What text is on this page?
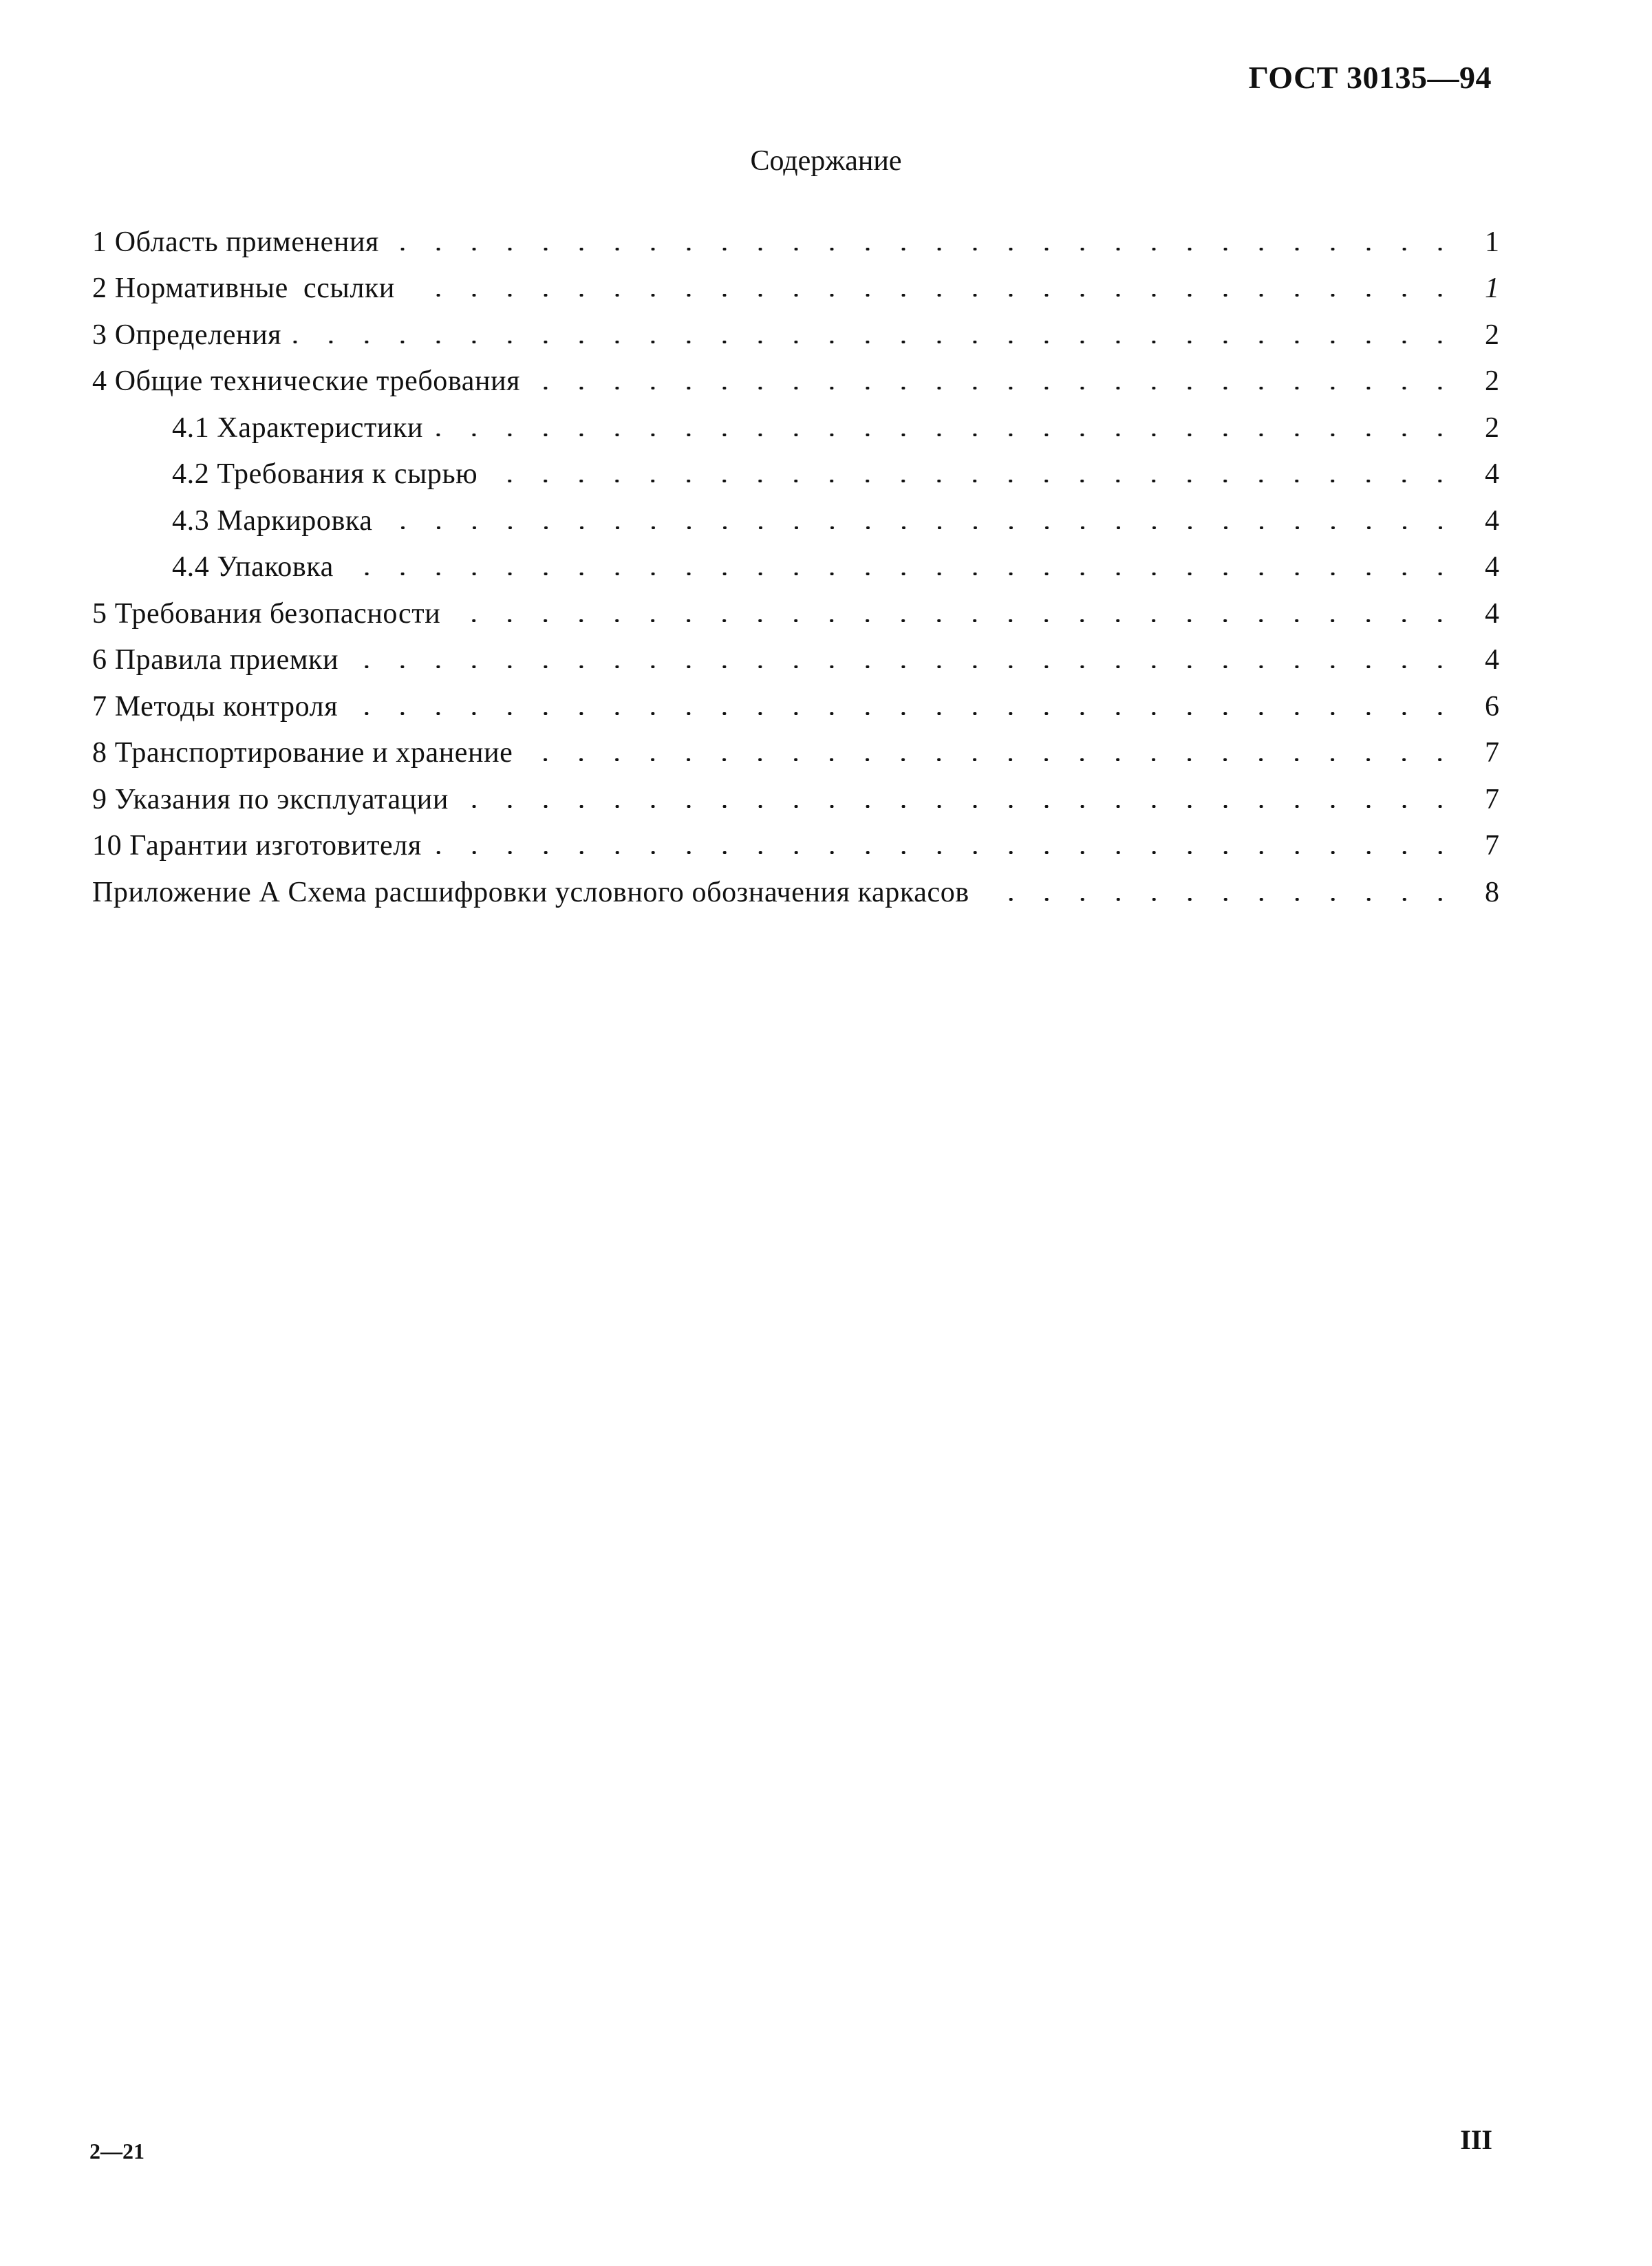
ГОСТ 30135—94
Содержание
1 Область применения	1
2 Нормативные  ссылки	1
3 Определения	2
4 Общие технические требования	2
4.1 Характеристики	2
4.2 Требования к сырью	4
4.3 Маркировка	4
4.4 Упаковка	4
5 Требования безопасности	4
6 Правила приемки	4
7 Методы контроля	6
8 Транспортирование и хранение	7
9 Указания по эксплуатации	7
10 Гарантии изготовителя	7
Приложение А Схема расшифровки условного обозначения каркасов	8
2—21	III
